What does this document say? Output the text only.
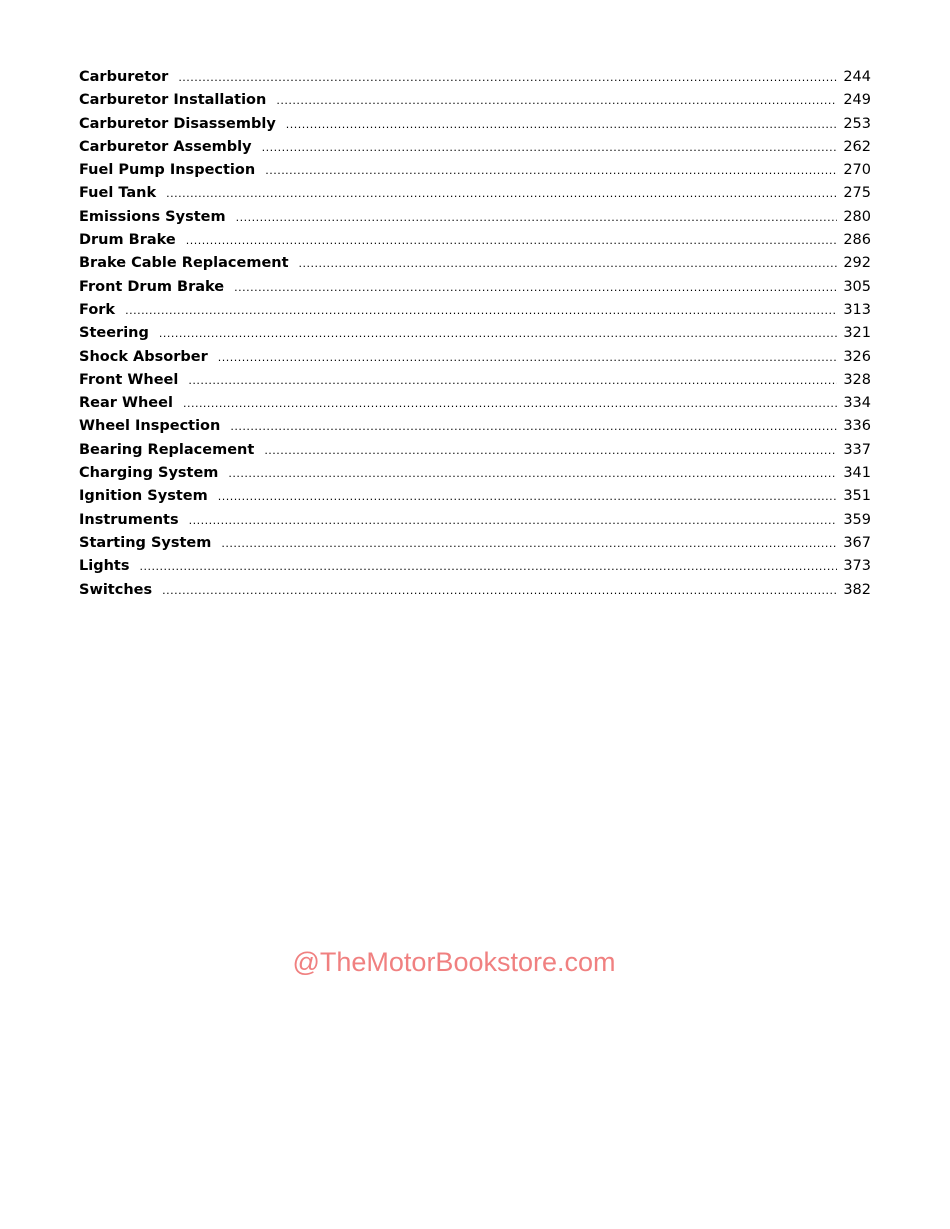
Carburetor .....	244
Carburetor Installation .....	249
Carburetor Disassembly .....	253
Carburetor Assembly .....	262
Fuel Pump Inspection .....	270
Fuel Tank .....	275
Emissions System .....	280
Drum Brake .....	286
Brake Cable Replacement .....	292
Front Drum Brake .....	305
Fork .....	313
Steering .....	321
Shock Absorber .....	326
Front Wheel .....	328
Rear Wheel .....	334
Wheel Inspection .....	336
Bearing Replacement .....	337
Charging System .....	341
Ignition System .....	351
Instruments .....	359
Starting System .....	367
Lights .....	373
Switches .....	382
@TheMotorBookstore.com
